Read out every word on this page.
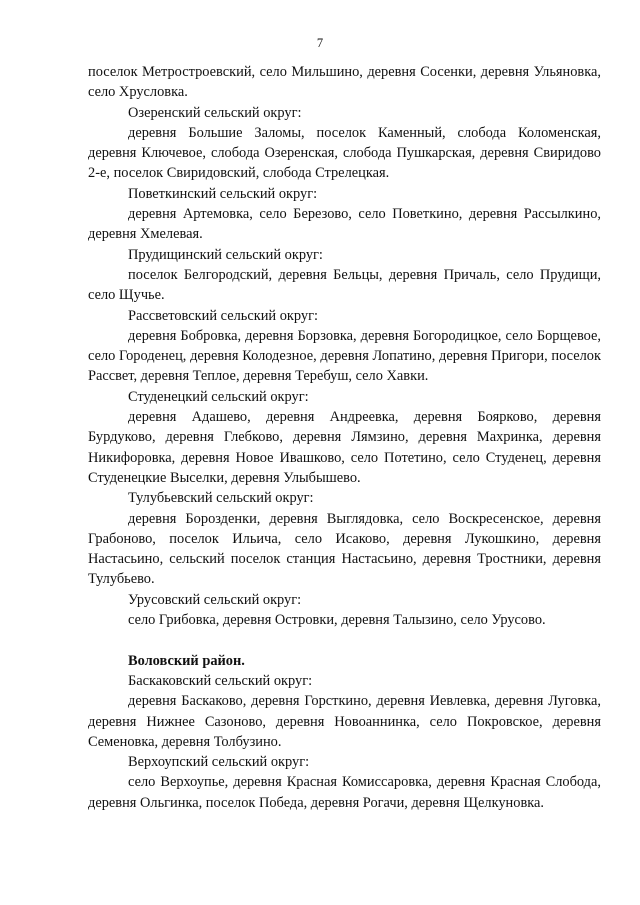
7

поселок Метростроевский, село Мильшино, деревня Сосенки, деревня Ульяновка, село Хрусловка.

Озеренский сельский округ:

деревня Большие Заломы, поселок Каменный, слобода Коломенская, деревня Ключевое, слобода Озеренская, слобода Пушкарская, деревня Свиридово 2-е, поселок Свиридовский, слобода Стрелецкая.

Поветкинский сельский округ:

деревня Артемовка, село Березово, село Поветкино, деревня Рассылкино, деревня Хмелевая.

Прудищинский сельский округ:

поселок Белгородский, деревня Бельцы, деревня Причаль, село Прудищи, село Щучье.

Рассветовский сельский округ:

деревня Бобровка, деревня Борзовка, деревня Богородицкое, село Борщевое, село Городенец, деревня Колодезное, деревня Лопатино, деревня Пригори, поселок Рассвет, деревня Теплое, деревня Теребуш, село Хавки.

Студенецкий сельский округ:

деревня Адашево, деревня Андреевка, деревня Боярково, деревня Бурдуково, деревня Глебково, деревня Лямзино, деревня Махринка, деревня Никифоровка, деревня Новое Ивашково, село Потетино, село Студенец, деревня Студенецкие Выселки, деревня Улыбышево.

Тулубьевский сельский округ:

деревня Борозденки, деревня Выглядовка, село Воскресенское, деревня Грабоново, поселок Ильича, село Исаково, деревня Лукошкино, деревня Настасьино, сельский поселок станция Настасьино, деревня Тростники, деревня Тулубьево.

Урусовский сельский округ:

село Грибовка, деревня Островки, деревня Талызино, село Урусово.

Воловский район.

Баскаковский сельский округ:

деревня Баскаково, деревня Горсткино, деревня Иевлевка, деревня Луговка, деревня Нижнее Сазоново, деревня Новоаннинка, село Покровское, деревня Семеновка, деревня Толбузино.

Верхоупский сельский округ:

село Верхоупье, деревня Красная Комиссаровка, деревня Красная Слобода, деревня Ольгинка, поселок Победа, деревня Рогачи, деревня Щелкуновка.
